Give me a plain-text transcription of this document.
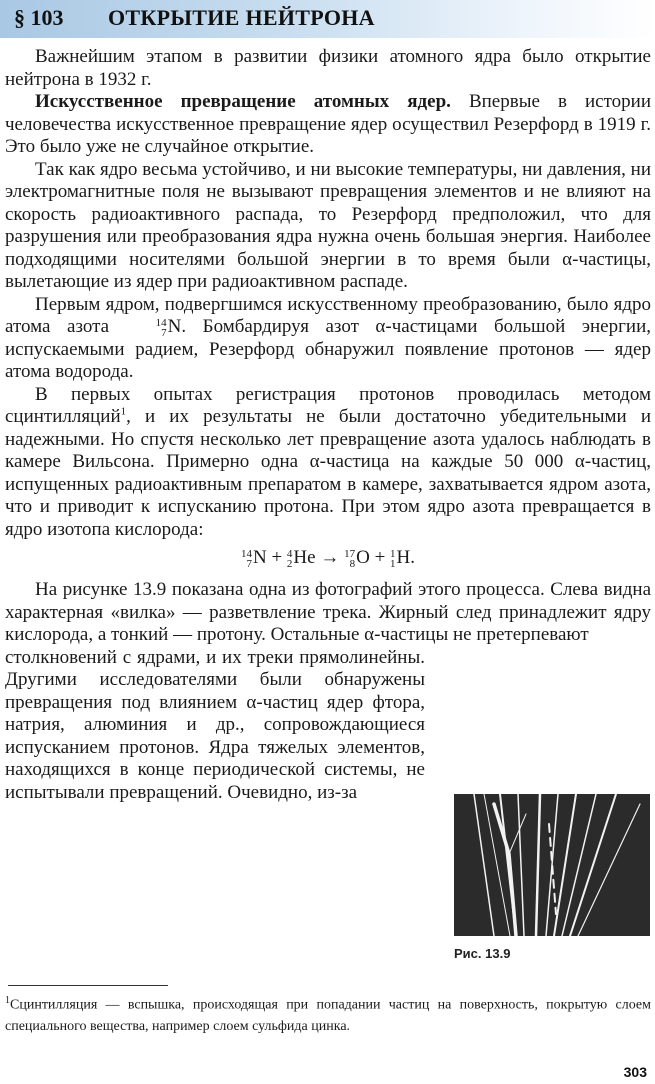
§ 103 ОТКРЫТИЕ НЕЙТРОНА

Важнейшим этапом в развитии физики атомного ядра было открытие нейтрона в 1932 г.

Искусственное превращение атомных ядер. Впервые в истории человечества искусственное превращение ядер осуществил Резерфорд в 1919 г. Это было уже не случайное открытие.

Так как ядро весьма устойчиво, и ни высокие температуры, ни давления, ни электромагнитные поля не вызывают превращения элементов и не влияют на скорость радиоактивного распада, то Резерфорд предположил, что для разрушения или преобразования ядра нужна очень большая энергия. Наиболее подходящими носителями большой энергии в то время были α-частицы, вылетающие из ядер при радиоактивном распаде.

Первым ядром, подвергшимся искусственному преобразованию, было ядро атома азота	14
7 N. Бомбардируя азот α-частицами большой энергии, испускаемыми радием, Резерфорд обнаружил появление протонов — ядер атома водорода.

В первых опытах регистрация протонов проводилась методом сцинтилляций$^1$, и их результаты не были достаточно убедительными и надежными. Но спустя несколько лет превращение азота удалось наблюдать в камере Вильсона. Примерно одна α-частица на каждые 50 000 α-частиц, испущенных радиоактивным препаратом в камере, захватывается ядром азота, что и приводит к испусканию протона. При этом ядро азота превращается в ядро изотопа кислорода:

14
7 N + 4
2 He → 17
8 O + 1
1 H.

На рисунке 13.9 показана одна из фотографий этого процесса. Слева видна характерная «вилка» — разветвление трека. Жирный след принадлежит ядру кислорода, а тонкий — протону. Остальные α-частицы не претерпевают

столкновений с ядрами, и их треки прямолинейны. Другими исследователями были обнаружены превращения под влиянием α-частиц ядер фтора, натрия, алюминия и др., сопровождающиеся испусканием протонов. Ядра тяжелых элементов, находящихся в конце периодической системы, не испытывали превращений. Очевидно, из-за
Рис. 13.9
$^1$Сцинтилляция — вспышка, происходящая при попадании частиц на поверхность, покрытую слоем специального вещества, например слоем сульфида цинка.
303
